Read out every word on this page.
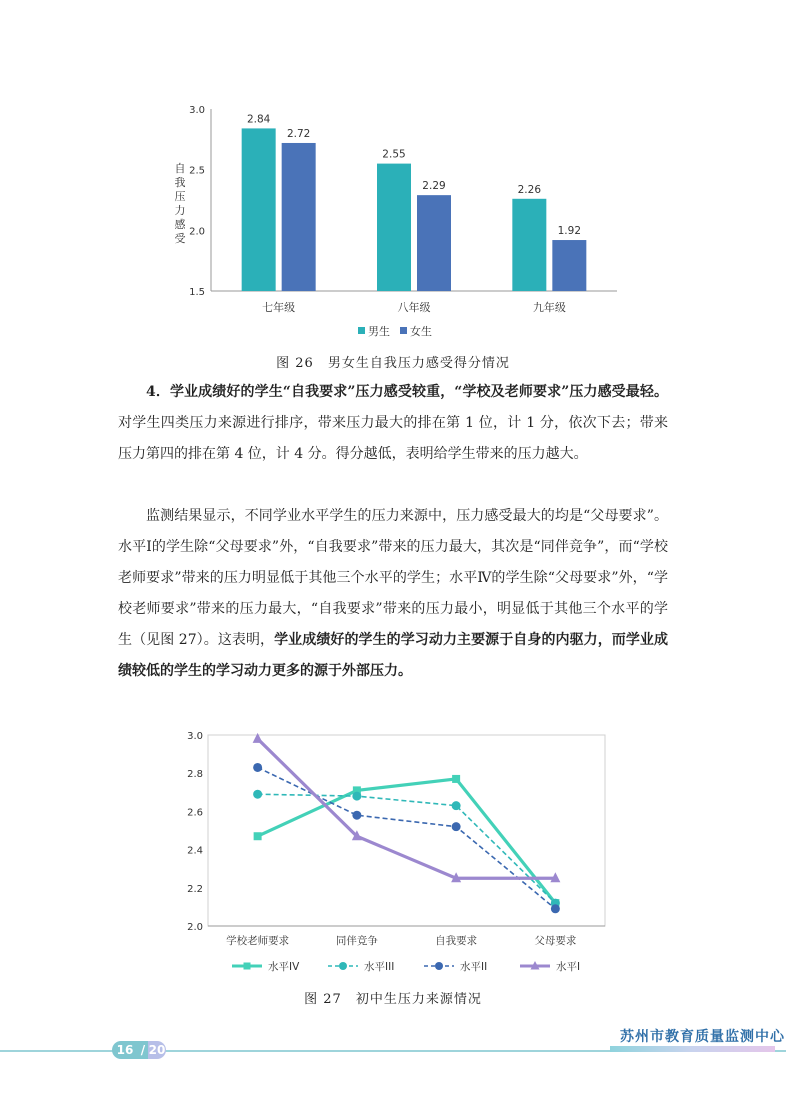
3.0
2.5
2.0
1.5
自
我
压
力
感
受
七年级
2.84
2.72
八年级
2.55
2.29
九年级
2.26
1.92
男生 女生
图 26　男女生自我压力感受得分情况

4．学业成绩好的学生“自我要求”压力感受较重，“学校及老师要求”压力感受最轻。对学生四类压力来源进行排序，带来压力最大的排在第 1 位，计 1 分，依次下去；带来压力第四的排在第 4 位，计 4 分。得分越低，表明给学生带来的压力越大。

监测结果显示，不同学业水平学生的压力来源中，压力感受最大的均是“父母要求”。水平Ⅰ的学生除“父母要求”外，“自我要求”带来的压力最大，其次是“同伴竞争”，而“学校老师要求”带来的压力明显低于其他三个水平的学生；水平Ⅳ的学生除“父母要求”外，“学校老师要求”带来的压力最大，“自我要求”带来的压力最小，明显低于其他三个水平的学生（见图 27）。这表明，学业成绩好的学生的学习动力主要源于自身的内驱力，而学业成绩较低的学生的学习动力更多的源于外部压力。

3.0
2.8
2.6
2.4
2.2
2.0
学校老师要求	同伴竞争	自我要求	父母要求
水平IV	水平III	水平II	水平I
图 27　初中生压力来源情况
16 / 20
苏州市教育质量监测中心
